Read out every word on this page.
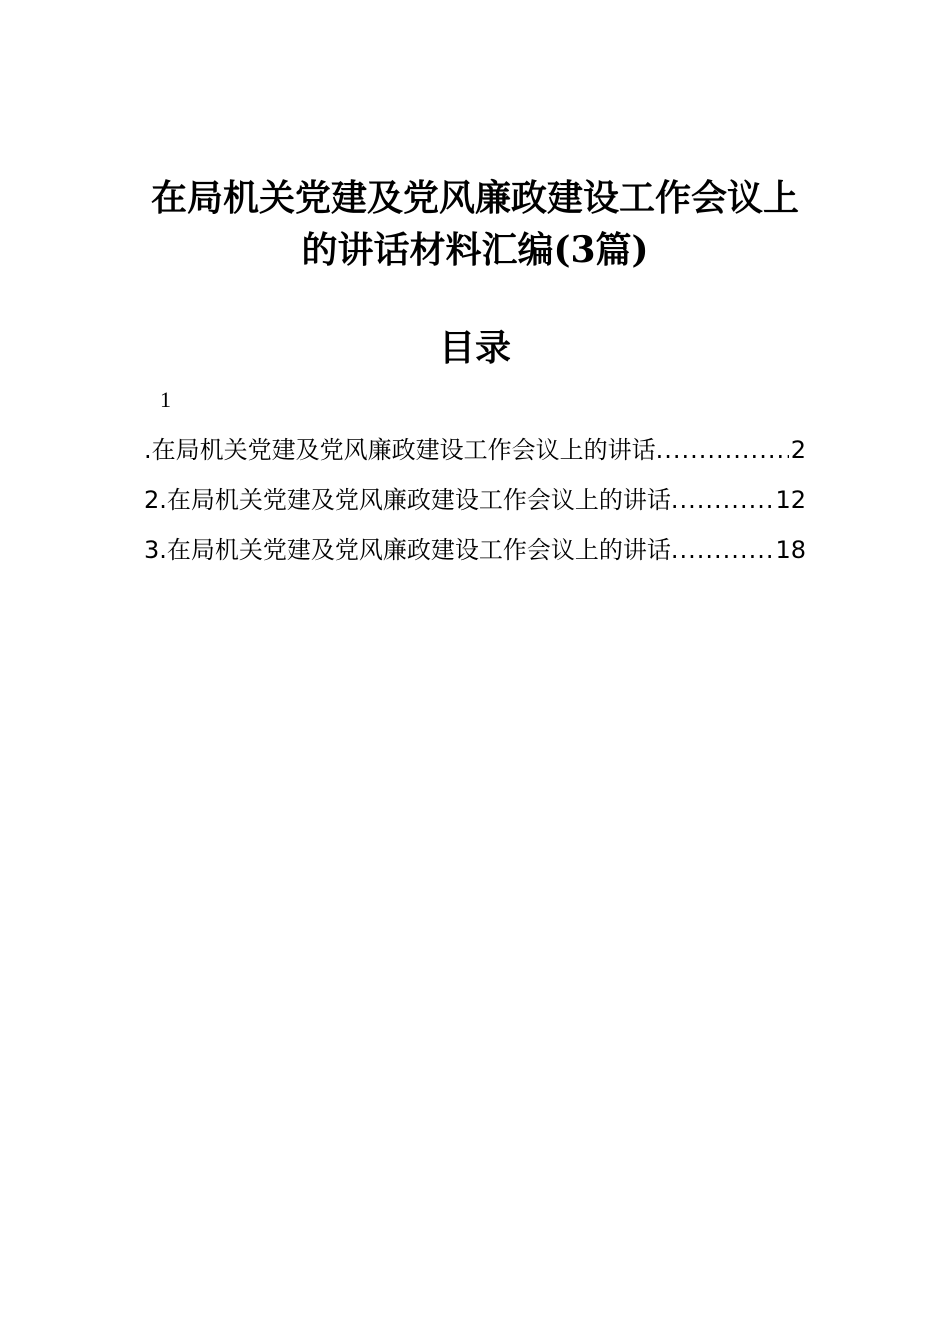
在局机关党建及党风廉政建设工作会议上
的讲话材料汇编(3篇)
目录
1
.在局机关党建及党风廉政建设工作会议上的讲话 .....	2
2.在局机关党建及党风廉政建设工作会议上的讲话 .....	12
3.在局机关党建及党风廉政建设工作会议上的讲话 .....	18
